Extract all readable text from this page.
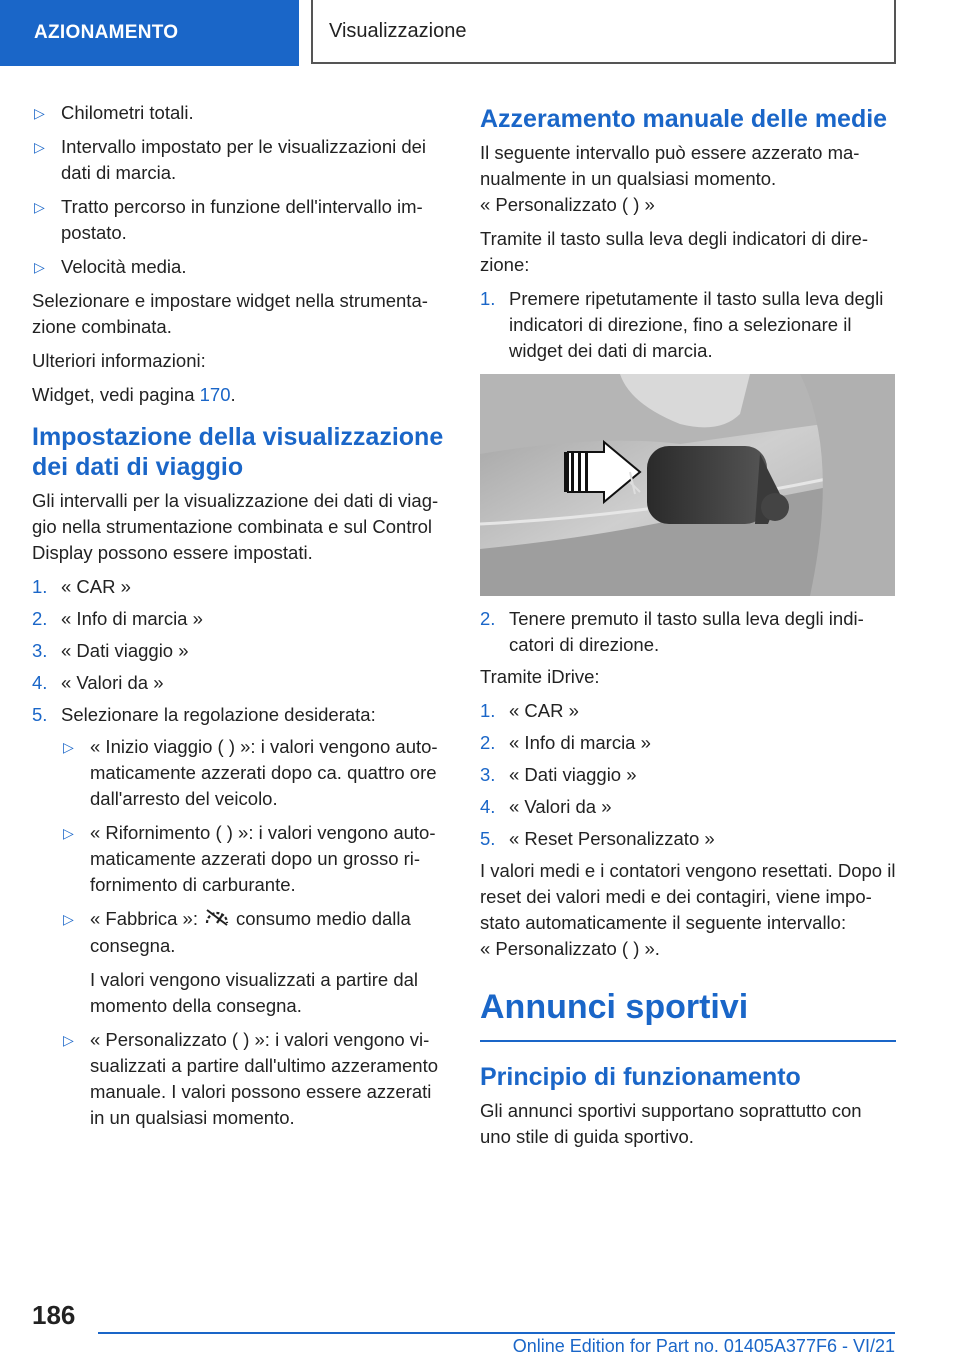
AZIONAMENTO	Visualizzazione
▷ Chilometri totali.
▷ Intervallo impostato per le visualizzazioni dei dati di marcia.
▷ Tratto percorso in funzione dell'intervallo im-postato.
▷ Velocità media.

Selezionare e impostare widget nella strumenta-zione combinata.

Ulteriori informazioni:

Widget, vedi pagina 170.

Impostazione della visualizzazione dei dati di viaggio

Gli intervalli per la visualizzazione dei dati di viag-gio nella strumentazione combinata e sul Control Display possono essere impostati.

1. « CAR »
2. « Info di marcia »
3. « Dati viaggio »
4. « Valori da »
5. Selezionare la regolazione desiderata:
▷ « Inizio viaggio ( ) »: i valori vengono auto-maticamente azzerati dopo ca. quattro ore dall'arresto del veicolo.
▷ « Rifornimento ( ) »: i valori vengono auto-maticamente azzerati dopo un grosso ri-fornimento di carburante.
▷ « Fabbrica »: consumo medio dalla consegna.

I valori vengono visualizzati a partire dal momento della consegna.

▷ « Personalizzato ( ) »: i valori vengono vi-sualizzati a partire dall'ultimo azzeramento manuale. I valori possono essere azzerati in un qualsiasi momento.
Azzeramento manuale delle medie

Il seguente intervallo può essere azzerato ma-nualmente in un qualsiasi momento.

« Personalizzato ( ) »

Tramite il tasto sulla leva degli indicatori di dire-zione:

1. Premere ripetutamente il tasto sulla leva degli indicatori di direzione, fino a selezionare il widget dei dati di marcia.
2. Tenere premuto il tasto sulla leva degli indi-catori di direzione.

Tramite iDrive:

1. « CAR »
2. « Info di marcia »
3. « Dati viaggio »
4. « Valori da »
5. « Reset Personalizzato »

I valori medi e i contatori vengono resettati. Dopo il reset dei valori medi e dei contagiri, viene impo-stato automaticamente il seguente intervallo:

« Personalizzato ( ) ».

Annunci sportivi
Principio di funzionamento

Gli annunci sportivi supportano soprattutto con uno stile di guida sportivo.

186
Online Edition for Part no. 01405A377F6 - VI/21
